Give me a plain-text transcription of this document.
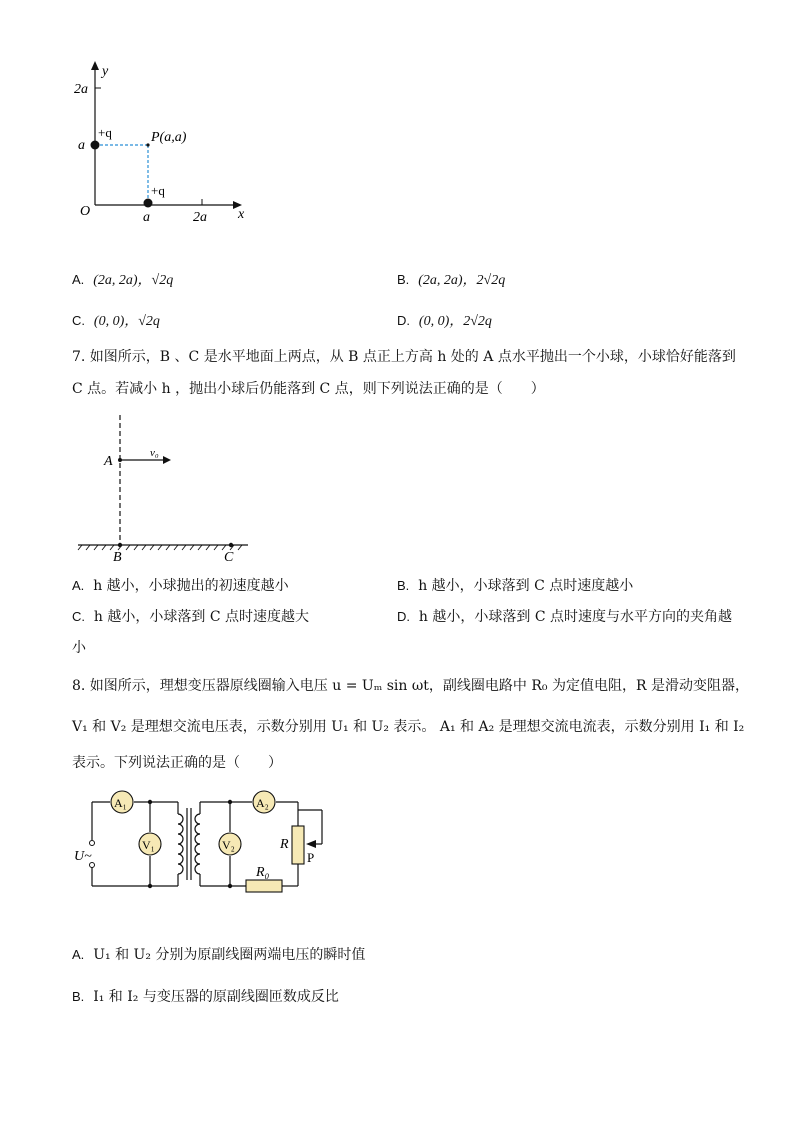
y
x
O
2a
a
a	2a
+q
+q
P(a,a)
A. (2a, 2a)，√2q	B. (2a, 2a)，2√2q
C. (0, 0)，√2q	D. (0, 0)，2√2q
7. 如图所示，B 、C 是水平地面上两点，从 B 点正上方高 h 处的 A 点水平抛出一个小球，小球恰好能落到
C 点。若减小 h ，抛出小球后仍能落到 C 点，则下列说法正确的是（　　）
A
v₀
B	C
A. h 越小，小球抛出的初速度越小	B. h 越小，小球落到 C 点时速度越小
C. h 越小，小球落到 C 点时速度越大	D. h 越小，小球落到 C 点时速度与水平方向的夹角越
小
8. 如图所示，理想变压器原线圈输入电压 u = Uₘ sin ωt，副线圈电路中 R₀ 为定值电阻，R 是滑动变阻器，
V₁ 和 V₂ 是理想交流电压表，示数分别用 U₁ 和 U₂ 表示。 A₁ 和 A₂ 是理想交流电流表，示数分别用 I₁ 和 I₂
表示。下列说法正确的是（　　）
A₁
V₁
A₂
V₂
U~
R
R₀
P
A. U₁ 和 U₂ 分别为原副线圈两端电压的瞬时值
B. I₁ 和 I₂ 与变压器的原副线圈匝数成反比
